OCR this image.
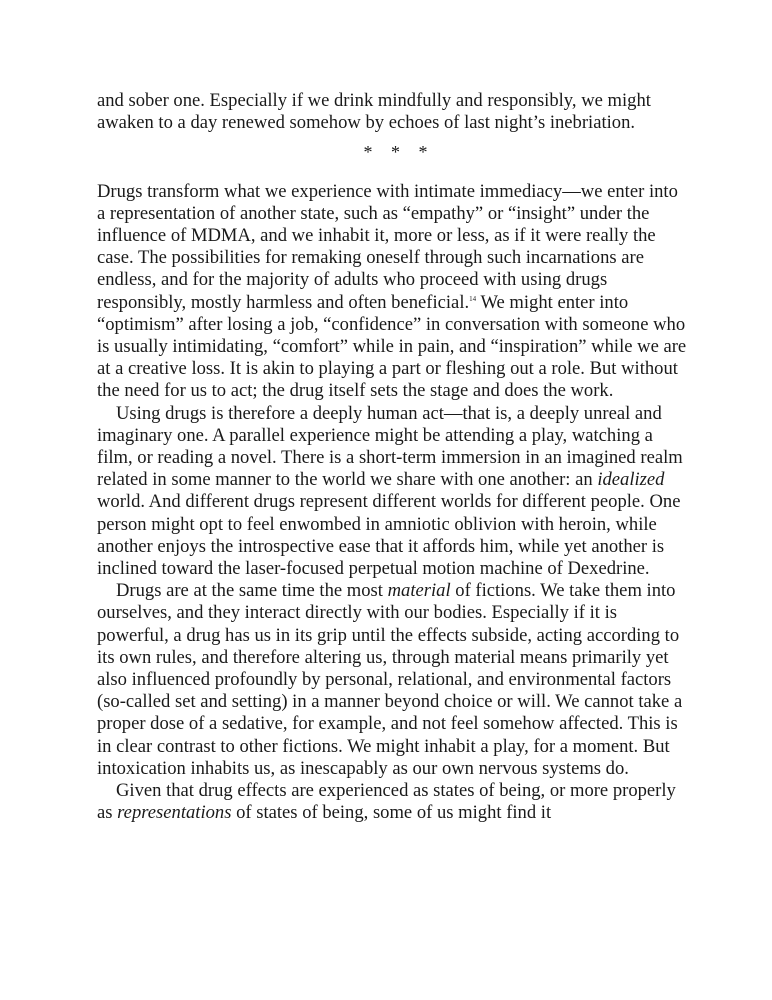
and sober one. Especially if we drink mindfully and responsibly, we might awaken to a day renewed somehow by echoes of last night’s inebriation.

* * *

Drugs transform what we experience with intimate immediacy—we enter into a representation of another state, such as “empathy” or “insight” under the influence of MDMA, and we inhabit it, more or less, as if it were really the case. The possibilities for remaking oneself through such incarnations are endless, and for the majority of adults who proceed with using drugs responsibly, mostly harmless and often beneficial.$^{14}$ We might enter into “optimism” after losing a job, “confidence” in conversation with someone who is usually intimidating, “comfort” while in pain, and “inspiration” while we are at a creative loss. It is akin to playing a part or fleshing out a role. But without the need for us to act; the drug itself sets the stage and does the work.

Using drugs is therefore a deeply human act—that is, a deeply unreal and imaginary one. A parallel experience might be attending a play, watching a film, or reading a novel. There is a short-term immersion in an imagined realm related in some manner to the world we share with one another: an idealized world. And different drugs represent different worlds for different people. One person might opt to feel enwombed in amniotic oblivion with heroin, while another enjoys the introspective ease that it affords him, while yet another is inclined toward the laser-focused perpetual motion machine of Dexedrine.

Drugs are at the same time the most material of fictions. We take them into ourselves, and they interact directly with our bodies. Especially if it is powerful, a drug has us in its grip until the effects subside, acting according to its own rules, and therefore altering us, through material means primarily yet also influenced profoundly by personal, relational, and environmental factors (so-called set and setting) in a manner beyond choice or will. We cannot take a proper dose of a sedative, for example, and not feel somehow affected. This is in clear contrast to other fictions. We might inhabit a play, for a moment. But intoxication inhabits us, as inescapably as our own nervous systems do.

Given that drug effects are experienced as states of being, or more properly as representations of states of being, some of us might find it
